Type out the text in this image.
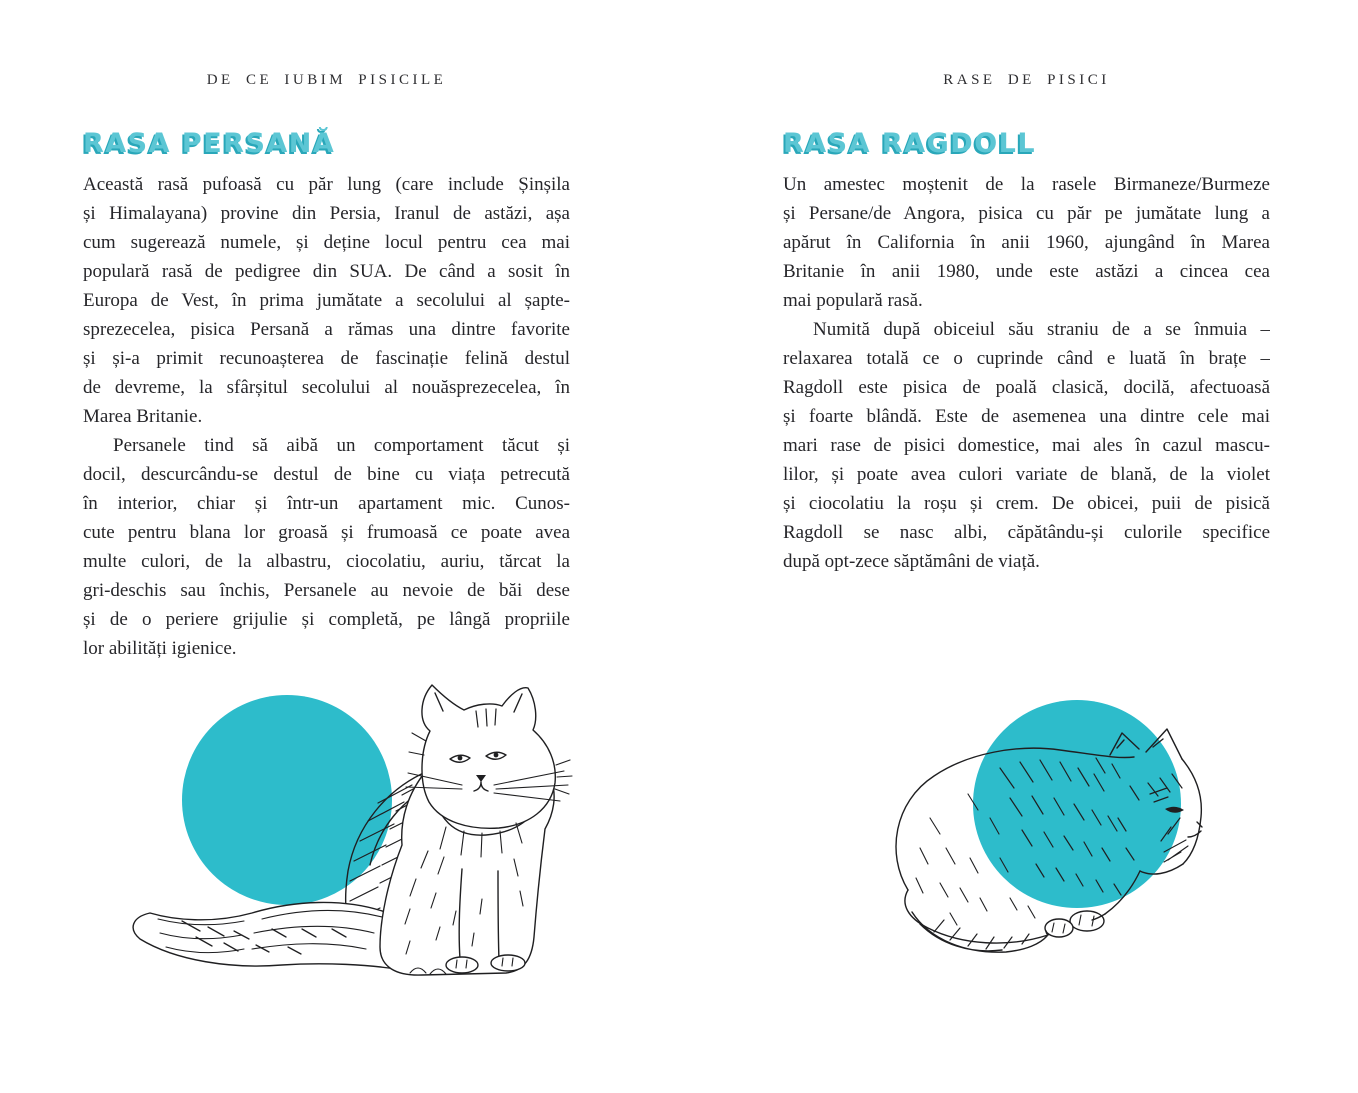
DE CE IUBIM PISICILE
RASA PERSANĂ
Această rasă pufoasă cu păr lung (care include Șinșila
și Himalayana) provine din Persia, Iranul de astăzi, așa
cum sugerează numele, și deține locul pentru cea mai
populară rasă de pedigree din SUA. De când a sosit în
Europa de Vest, în prima jumătate a secolului al șapte-
sprezecelea, pisica Persană a rămas una dintre favorite
și și-a primit recunoașterea de fascinație felină destul
de devreme, la sfârșitul secolului al nouăsprezecelea, în
Marea Britanie.
Persanele tind să aibă un comportament tăcut și
docil, descurcându-se destul de bine cu viața petrecută
în interior, chiar și într-un apartament mic. Cunos-
cute pentru blana lor groasă și frumoasă ce poate avea
multe culori, de la albastru, ciocolatiu, auriu, tărcat la
gri-deschis sau închis, Persanele au nevoie de băi dese
și de o periere grijulie și completă, pe lângă propriile
lor abilități igienice.
RASE DE PISICI
RASA RAGDOLL
Un amestec moștenit de la rasele Birmaneze/Burmeze
și Persane/de Angora, pisica cu păr pe jumătate lung a
apărut în California în anii 1960, ajungând în Marea
Britanie în anii 1980, unde este astăzi a cincea cea
mai populară rasă.
Numită după obiceiul său straniu de a se înmuia –
relaxarea totală ce o cuprinde când e luată în brațe –
Ragdoll este pisica de poală clasică, docilă, afectuoasă
și foarte blândă. Este de asemenea una dintre cele mai
mari rase de pisici domestice, mai ales în cazul mascu-
lilor, și poate avea culori variate de blană, de la violet
și ciocolatiu la roșu și crem. De obicei, puii de pisică
Ragdoll se nasc albi, căpătându-și culorile specifice
după opt-zece săptămâni de viață.
